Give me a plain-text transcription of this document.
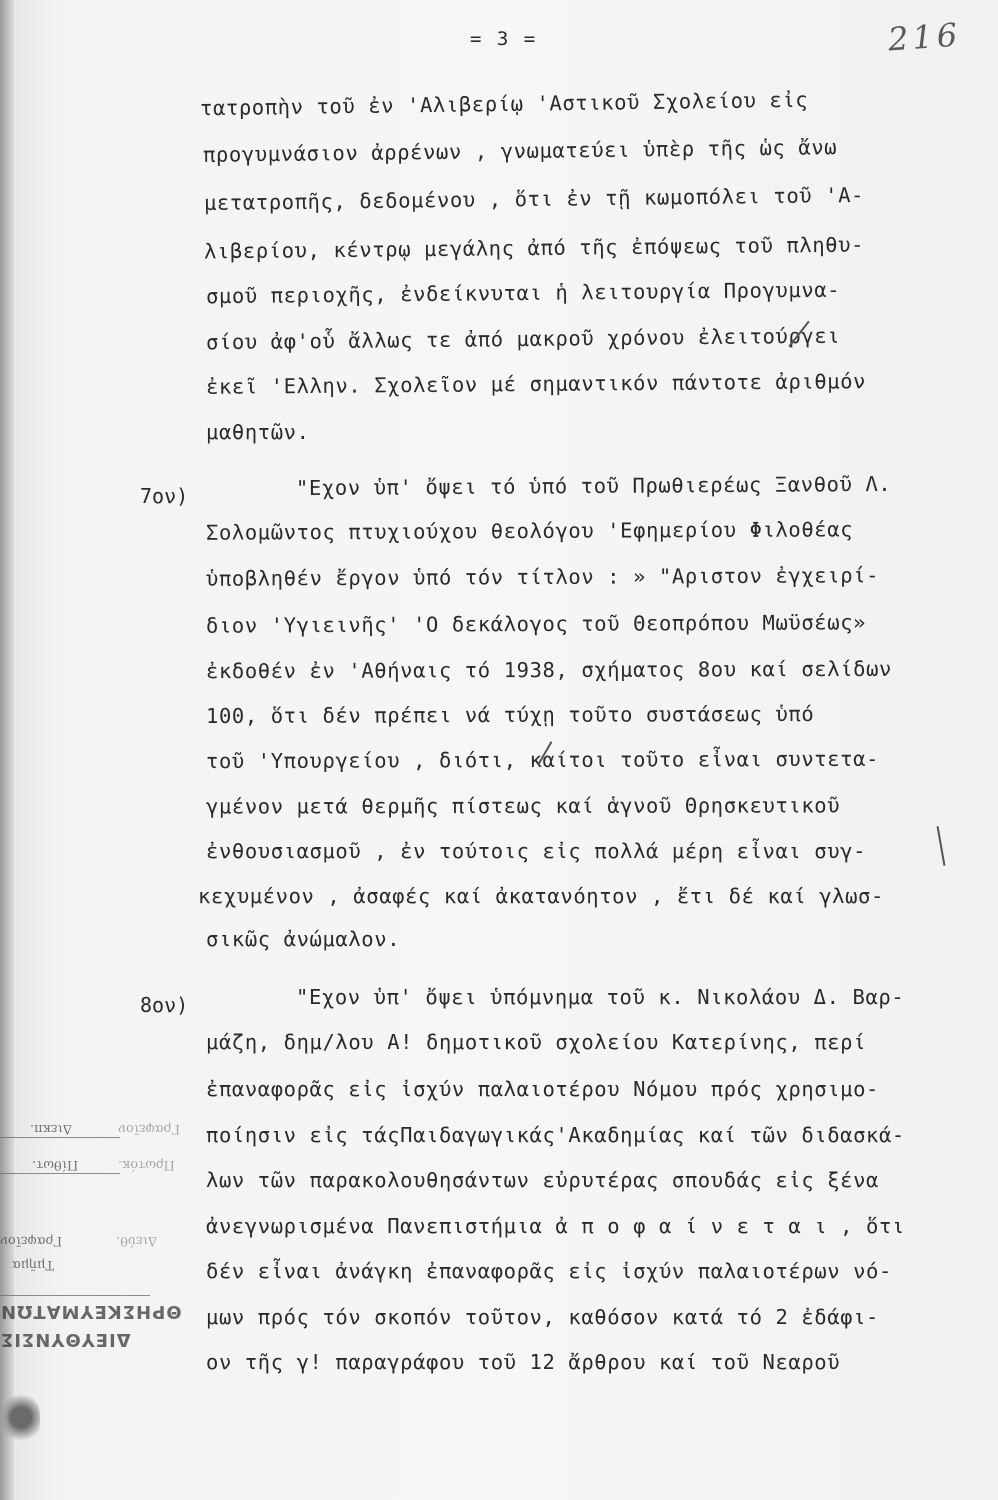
= 3 =	216
τατροπὴν τοῦ ἐν 'Αλιβερίῳ 'Αστικοῦ Σχολείου εἰς
προγυμνάσιον ἀρρένων , γνωματεύει ὑπὲρ τῆς ὡς ἄνω
μετατροπῆς, δεδομένου , ὅτι ἐν τῇ κωμοπόλει τοῦ 'Α-
λιβερίου, κέντρῳ μεγάλης ἀπό τῆς ἐπόψεως τοῦ πληθυ-
σμοῦ περιοχῆς, ἐνδείκνυται ἡ λειτουργία Προγυμνα-
σίου ἀφ'οὗ ἄλλως τε ἀπό μακροῦ χρόνου ἐλειτούργει
ἐκεῖ 'Ελλην. Σχολεῖον μέ σημαντικόν πάντοτε ἀριθμόν
μαθητῶν.
7ον)	"Εχον ὑπ' ὄψει τό ὑπό τοῦ Πρωθιερέως Ξανθοῦ Λ.
Σολομῶντος πτυχιούχου θεολόγου 'Εφημερίου Φιλοθέας
ὑποβληθέν ἔργον ὑπό τόν τίτλον : » "Αριστον ἐγχειρί-
διον 'Υγιεινῆς' 'Ο δεκάλογος τοῦ Θεοπρόπου Μωϋσέως»
ἐκδοθέν ἐν 'Αθήναις τό 1938, σχήματος 8ου καί σελίδων
100, ὅτι δέν πρέπει νά τύχῃ τοῦτο συστάσεως ὑπό
τοῦ 'Υπουργείου , διότι, καίτοι τοῦτο εἶναι συντετα-
γμένον μετά θερμῆς πίστεως καί ἁγνοῦ Θρησκευτικοῦ
ἐνθουσιασμοῦ , ἐν τούτοις εἰς πολλά μέρη εἶναι συγ-
κεχυμένον , ἀσαφές καί ἀκατανόητον , ἔτι δέ καί γλωσ-
σικῶς ἀνώμαλον.
8ον)	"Εχον ὑπ' ὄψει ὑπόμνημα τοῦ κ. Νικολάου Δ. Βαρ-
μάζη, δημ/λου Α! δημοτικοῦ σχολείου Κατερίνης, περί
ἐπαναφορᾶς εἰς ἰσχύν παλαιοτέρου Νόμου πρός χρησιμο-
ποίησιν εἰς τάςΠαιδαγωγικάς'Ακαδημίας καί τῶν διδασκά-
λων τῶν παρακολουθησάντων εὐρυτέρας σπουδάς εἰς ξένα
ἀνεγνωρισμένα Πανεπιστήμια ἀ π ο φ α ί ν ε τ α ι , ὅτι
δέν εἶναι ἀνάγκη ἐπαναφορᾶς εἰς ἰσχύν παλαιοτέρων νό-
μων πρός τόν σκοπόν τοῦτον, καθόσον κατά τό 2 ἐδάφι-
ον τῆς γ! παραγράφου τοῦ 12 ἄρθρου καί τοῦ Νεαροῦ
Διεκπ.	Γραφεῖον
Πίθωτ.	Πρωτόκ.
Γραφεῖον	Διεύθ.
Τμῆμα
ΘΡΗΣΚΕΥΜΑΤΩΝ
ΔΙΕΥΘΥΝΣΙΣ
